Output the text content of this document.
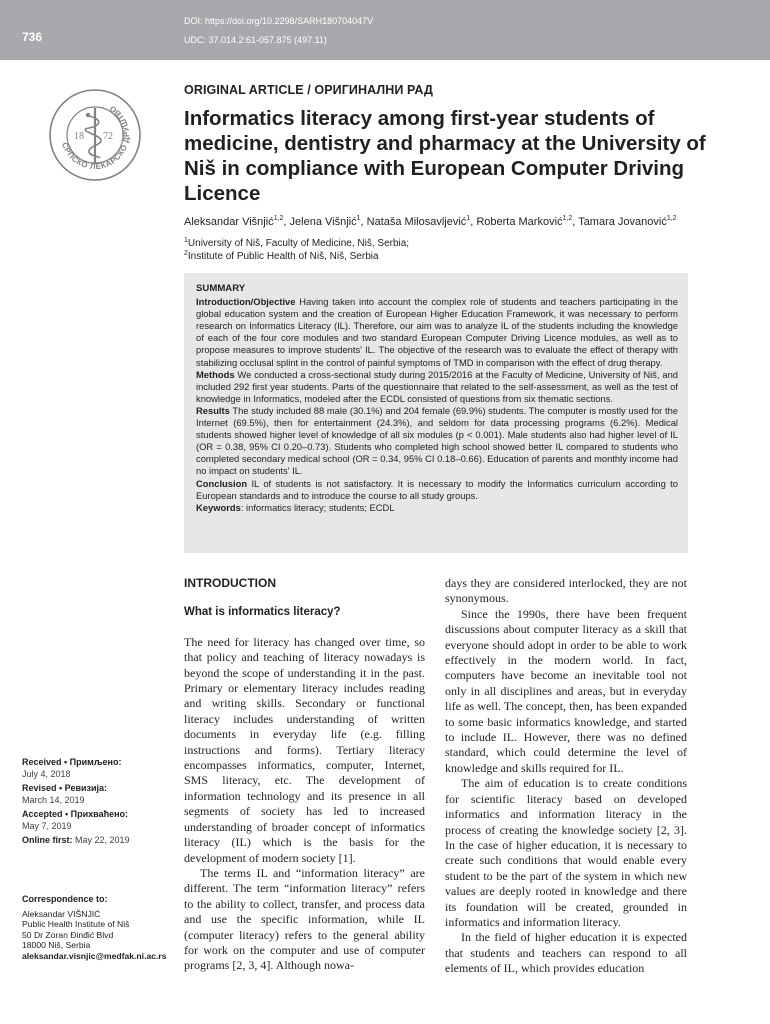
736
DOI: https://doi.org/10.2298/SARH180704047V
UDC: 37.014.2:61-057.875 (497.11)
СРПСКО ЛЕКАРСКО ДРУШТВО
18 72
ORIGINAL ARTICLE / ОРИГИНАЛНИ РАД
Informatics literacy among first-year students of medicine, dentistry and pharmacy at the University of Niš in compliance with European Computer Driving Licence
Aleksandar Višnjić$^{1,2}$, Jelena Višnjić$^1$, Nataša Milosavljević$^1$, Roberta Marković$^{1,2}$, Tamara Jovanović$^{1,2}$
$^1$University of Niš, Faculty of Medicine, Niš, Serbia;
$^2$Institute of Public Health of Niš, Niš, Serbia
SUMMARY

Introduction/Objective Having taken into account the complex role of students and teachers participating in the global education system and the creation of European Higher Education Framework, it was necessary to perform research on Informatics Literacy (IL). Therefore, our aim was to analyze IL of the students including the knowledge of each of the four core modules and two standard European Computer Driving Licence modules, as well as to propose measures to improve students' IL. The objective of the research was to evaluate the effect of therapy with stabilizing occlusal splint in the control of painful symptoms of TMD in comparison with the effect of drug therapy.

Methods We conducted a cross-sectional study during 2015/2016 at the Faculty of Medicine, University of Niš, and included 292 first year students. Parts of the questionnaire that related to the self-assessment, as well as the test of knowledge in Informatics, modeled after the ECDL consisted of questions from six thematic sections.

Results The study included 88 male (30.1%) and 204 female (69.9%) students. The computer is mostly used for the Internet (69.5%), then for entertainment (24.3%), and seldom for data processing programs (6.2%). Medical students showed higher level of knowledge of all six modules (p < 0.001). Male students also had higher level of IL (OR = 0.38, 95% CI 0.20–0.73). Students who completed high school showed better IL compared to students who completed secondary medical school (OR = 0.34, 95% CI 0.18–0.66). Education of parents and monthly income had no impact on students' IL.

Conclusion IL of students is not satisfactory. It is necessary to modify the Informatics curriculum according to European standards and to introduce the course to all study groups.

Keywords: informatics literacy; students; ECDL

INTRODUCTION
What is informatics literacy?

The need for literacy has changed over time, so that policy and teaching of literacy nowadays is beyond the scope of understanding it in the past. Primary or elementary literacy includes reading and writing skills. Secondary or functional literacy includes understanding of written documents in everyday life (e.g. filling instructions and forms). Tertiary literacy encompasses informatics, computer, Internet, SMS literacy, etc. The development of information technology and its presence in all segments of society has led to increased understanding of broader concept of informatics literacy (IL) which is the basis for the development of modern society [1].

The terms IL and “information literacy” are different. The term “information literacy” refers to the ability to collect, transfer, and process data and use the specific information, while IL (computer literacy) refers to the general ability for work on the computer and use of computer programs [2, 3, 4]. Although nowa-

days they are considered interlocked, they are not synonymous.

Since the 1990s, there have been frequent discussions about computer literacy as a skill that everyone should adopt in order to be able to work effectively in the modern world. In fact, computers have become an inevitable tool not only in all disciplines and areas, but in everyday life as well. The concept, then, has been expanded to some basic informatics knowledge, and started to include IL. However, there was no defined standard, which could determine the level of knowledge and skills required for IL.

The aim of education is to create conditions for scientific literacy based on developed informatics and information literacy in the process of creating the knowledge society [2, 3]. In the case of higher education, it is necessary to create such conditions that would enable every student to be the part of the system in which new values are deeply rooted in knowledge and there its foundation will be created, grounded in informatics and information literacy.

In the field of higher education it is expected that students and teachers can respond to all elements of IL, which provides education

Received • Примљено:
July 4, 2018
Revised • Ревизија:
March 14, 2019
Accepted • Прихваћено:
May 7, 2019
Online first: May 22, 2019
Correspondence to:
Aleksandar VIŠNJIĆ
Public Health Institute of Niš
50 Dr Zoran Đinđić Blvd
18000 Niš, Serbia
aleksandar.visnjic@medfak.ni.ac.rs
